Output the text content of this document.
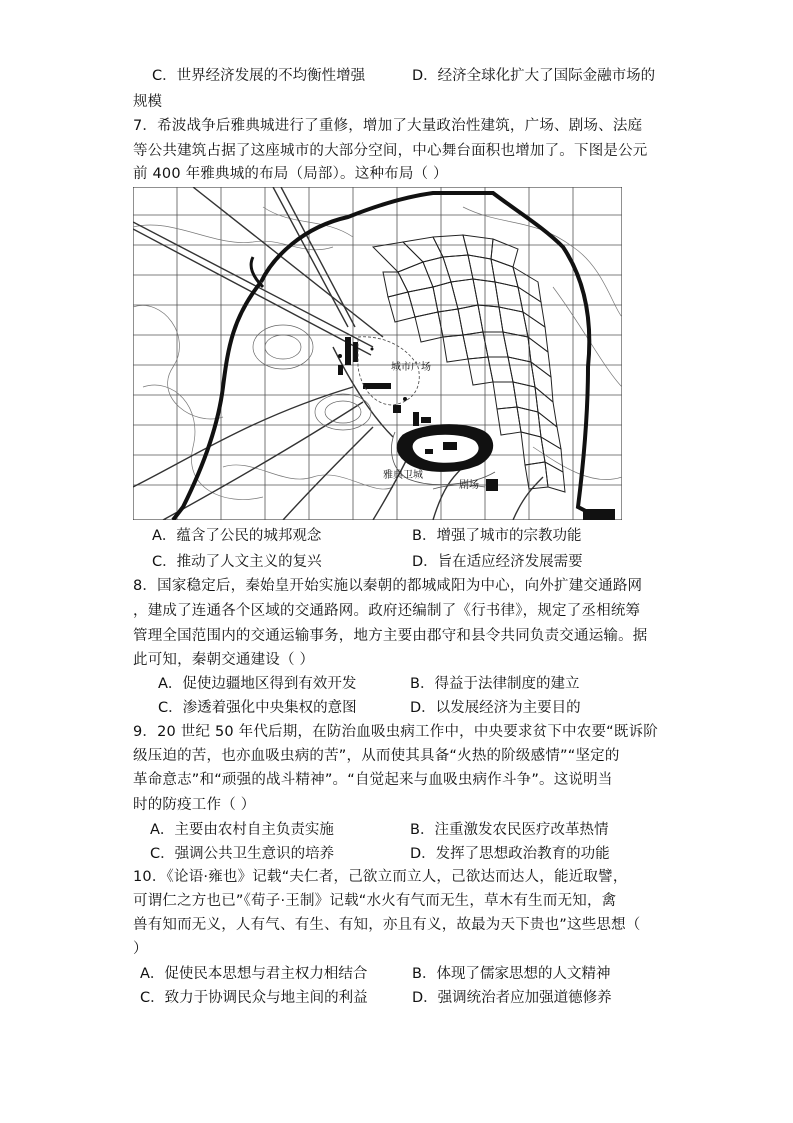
C．世界经济发展的不均衡性增强	D．经济全球化扩大了国际金融市场的
规模
7．希波战争后雅典城进行了重修，增加了大量政治性建筑，广场、剧场、法庭
等公共建筑占据了这座城市的大部分空间，中心舞台面积也增加了。下图是公元
前 400 年雅典城的布局（局部）。这种布局（ ）
城市广场
雅典卫城
剧场
A．蕴含了公民的城邦观念	B．增强了城市的宗教功能
C．推动了人文主义的复兴	D．旨在适应经济发展需要
8．国家稳定后，秦始皇开始实施以秦朝的都城咸阳为中心，向外扩建交通路网
，建成了连通各个区域的交通路网。政府还编制了《行书律》，规定了丞相统筹
管理全国范围内的交通运输事务，地方主要由郡守和县令共同负责交通运输。据
此可知，秦朝交通建设（ ）
A．促使边疆地区得到有效开发	B．得益于法律制度的建立
C．渗透着强化中央集权的意图	D．以发展经济为主要目的
9．20 世纪 50 年代后期，在防治血吸虫病工作中，中央要求贫下中农要“既诉阶
级压迫的苦，也亦血吸虫病的苦”，从而使其具备“火热的阶级感情”“坚定的
革命意志”和“顽强的战斗精神”。“自觉起来与血吸虫病作斗争”。这说明当
时的防疫工作（ ）
A．主要由农村自主负责实施	B．注重激发农民医疗改革热情
C．强调公共卫生意识的培养	D．发挥了思想政治教育的功能
10．《论语·雍也》记载“夫仁者，己欲立而立人，己欲达而达人，能近取譬，
可谓仁之方也已”《荀子·王制》记载“水火有气而无生，草木有生而无知，禽
兽有知而无义，人有气、有生、有知，亦且有义，故最为天下贵也”这些思想（
）
A．促使民本思想与君主权力相结合	B．体现了儒家思想的人文精神
C．致力于协调民众与地主间的利益	D．强调统治者应加强道德修养
